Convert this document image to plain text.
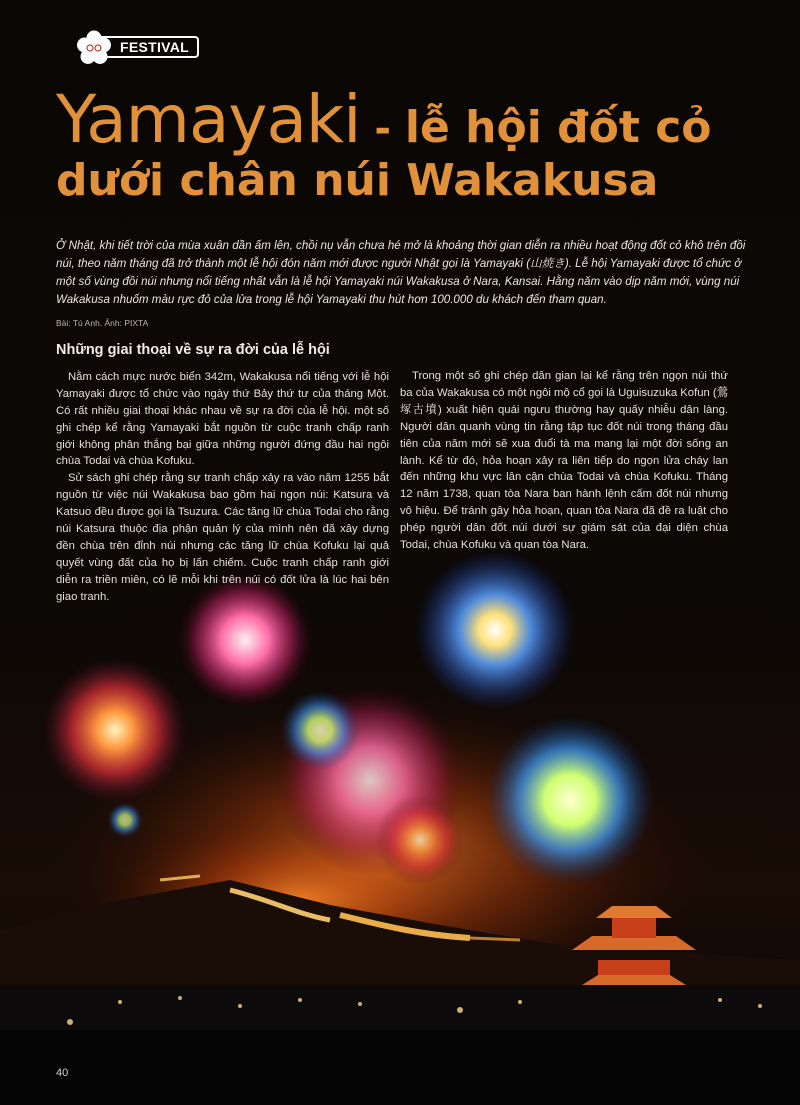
FESTIVAL
Yamayaki - lễ hội đốt cỏ
dưới chân núi Wakakusa

Ở Nhật, khi tiết trời của mùa xuân dần ấm lên, chồi nụ vẫn chưa hé mở là khoảng thời gian diễn ra nhiều hoạt động đốt cỏ khô trên đồi núi, theo năm tháng đã trở thành một lễ hội đón năm mới được người Nhật gọi là Yamayaki (山焼き). Lễ hội Yamayaki được tổ chức ở một số vùng đồi núi nhưng nổi tiếng nhất vẫn là lễ hội Yamayaki núi Wakakusa ở Nara, Kansai. Hằng năm vào dịp năm mới, vùng núi Wakakusa nhuốm màu rực đỏ của lửa trong lễ hội Yamayaki thu hút hơn 100.000 du khách đến tham quan.

Bài: Tú Anh. Ảnh: PIXTA
Những giai thoại về sự ra đời của lễ hội

Nằm cách mực nước biển 342m, Wakakusa nổi tiếng với lễ hội Yamayaki được tổ chức vào ngày thứ Bảy thứ tư của tháng Một. Có rất nhiều giai thoại khác nhau về sự ra đời của lễ hội. một số ghi chép kể rằng Yamayaki bắt nguồn từ cuộc tranh chấp ranh giới không phân thắng bại giữa những người đứng đầu hai ngôi chùa Todai và chùa Kofuku.

Sử sách ghi chép rằng sự tranh chấp xảy ra vào năm 1255 bắt nguồn từ việc núi Wakakusa bao gồm hai ngọn núi: Katsura và Katsuo đều được gọi là Tsuzura. Các tăng lữ chùa Todai cho rằng núi Katsura thuộc địa phận quản lý của mình nên đã xây dựng đền chùa trên đỉnh núi nhưng các tăng lữ chùa Kofuku lại quả quyết vùng đất của họ bị lấn chiếm. Cuộc tranh chấp ranh giới diễn ra triền miên, có lẽ mỗi khi trên núi có đốt lửa là lúc hai bên giao tranh.

Trong một số ghi chép dân gian lại kể rằng trên ngọn núi thứ ba của Wakakusa có một ngôi mộ cổ gọi là Uguisuzuka Kofun (鶯塚古墳) xuất hiện quái ngưu thường hay quấy nhiễu dân làng. Người dân quanh vùng tin rằng tập tục đốt núi trong tháng đầu tiên của năm mới sẽ xua đuổi tà ma mang lại một đời sống an lành. Kể từ đó, hỏa hoạn xảy ra liên tiếp do ngọn lửa cháy lan đến những khu vực lân cận chùa Todai và chùa Kofuku. Tháng 12 năm 1738, quan tòa Nara ban hành lệnh cấm đốt núi nhưng vô hiệu. Để tránh gây hỏa hoạn, quan tòa Nara đã đề ra luật cho phép người dân đốt núi dưới sự giám sát của đại diện chùa Todai, chùa Kofuku và quan tòa Nara.

40
